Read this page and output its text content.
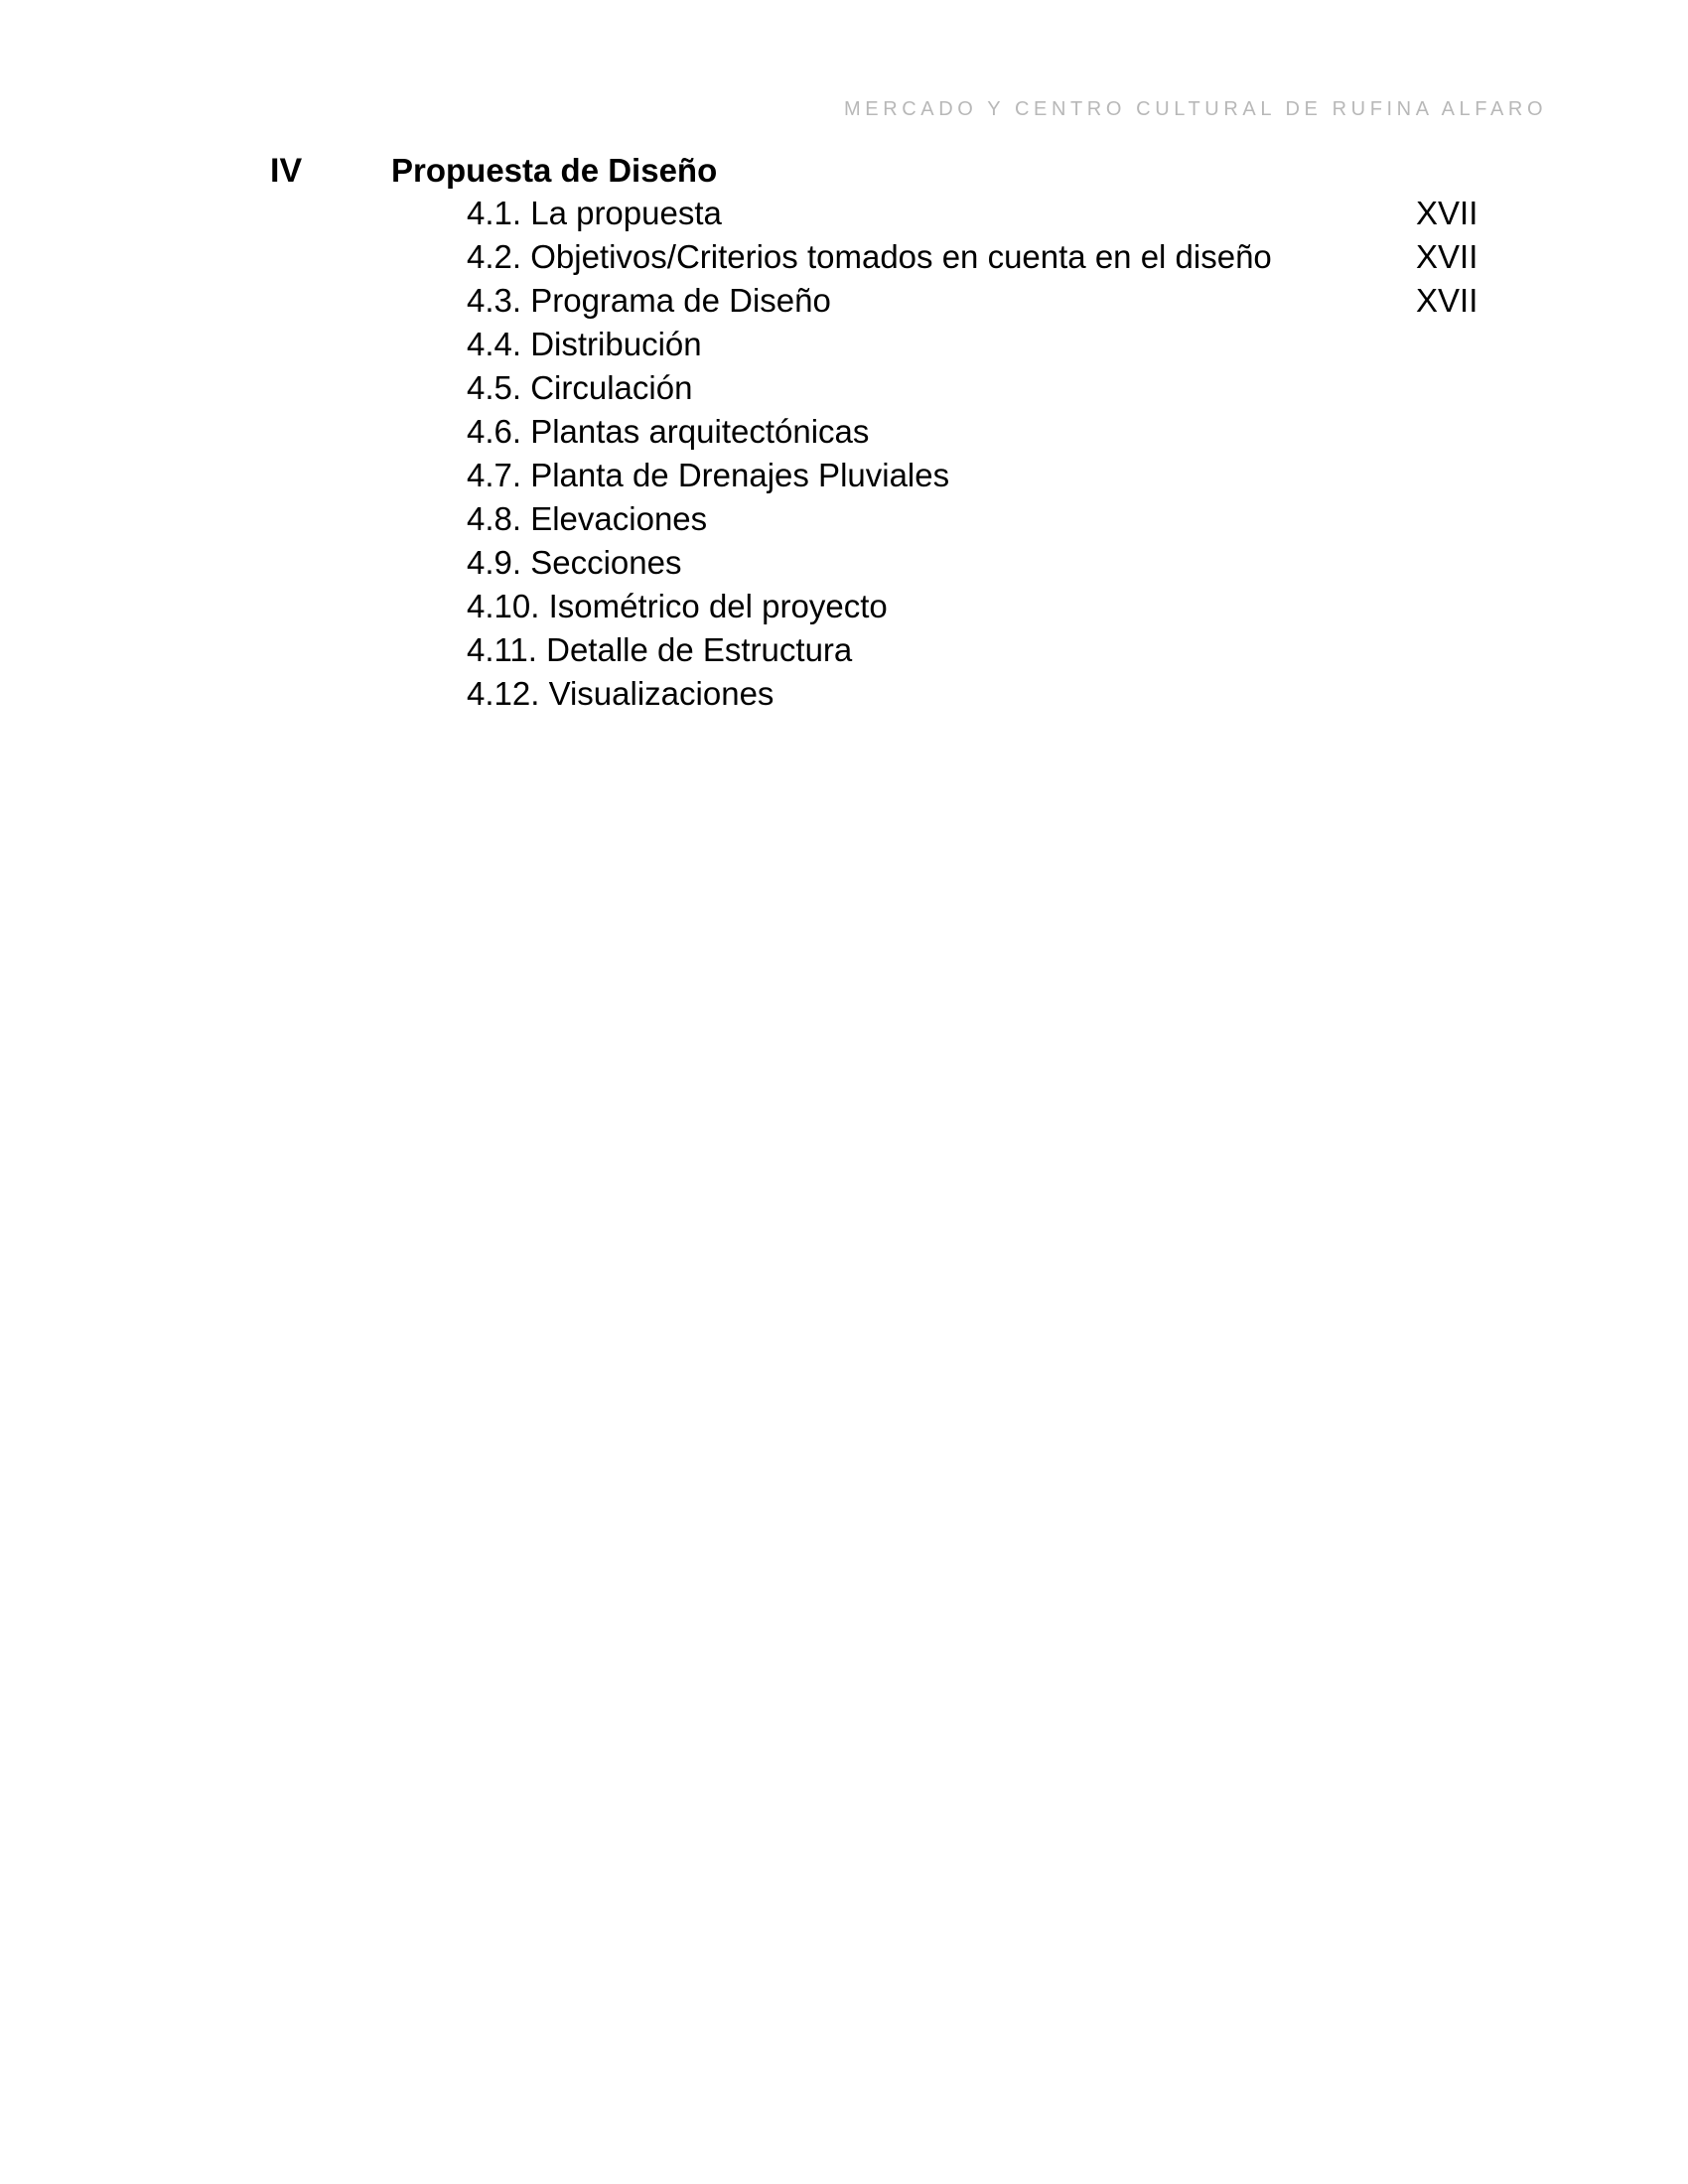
MERCADO Y CENTRO CULTURAL DE RUFINA ALFARO
IV	Propuesta de Diseño
4.1. La propuesta	XVII
4.2. Objetivos/Criterios tomados en cuenta en el diseño	XVII
4.3. Programa de Diseño	XVII
4.4. Distribución
4.5. Circulación
4.6. Plantas arquitectónicas
4.7. Planta de Drenajes Pluviales
4.8. Elevaciones
4.9. Secciones
4.10. Isométrico del proyecto
4.11. Detalle de Estructura
4.12. Visualizaciones
